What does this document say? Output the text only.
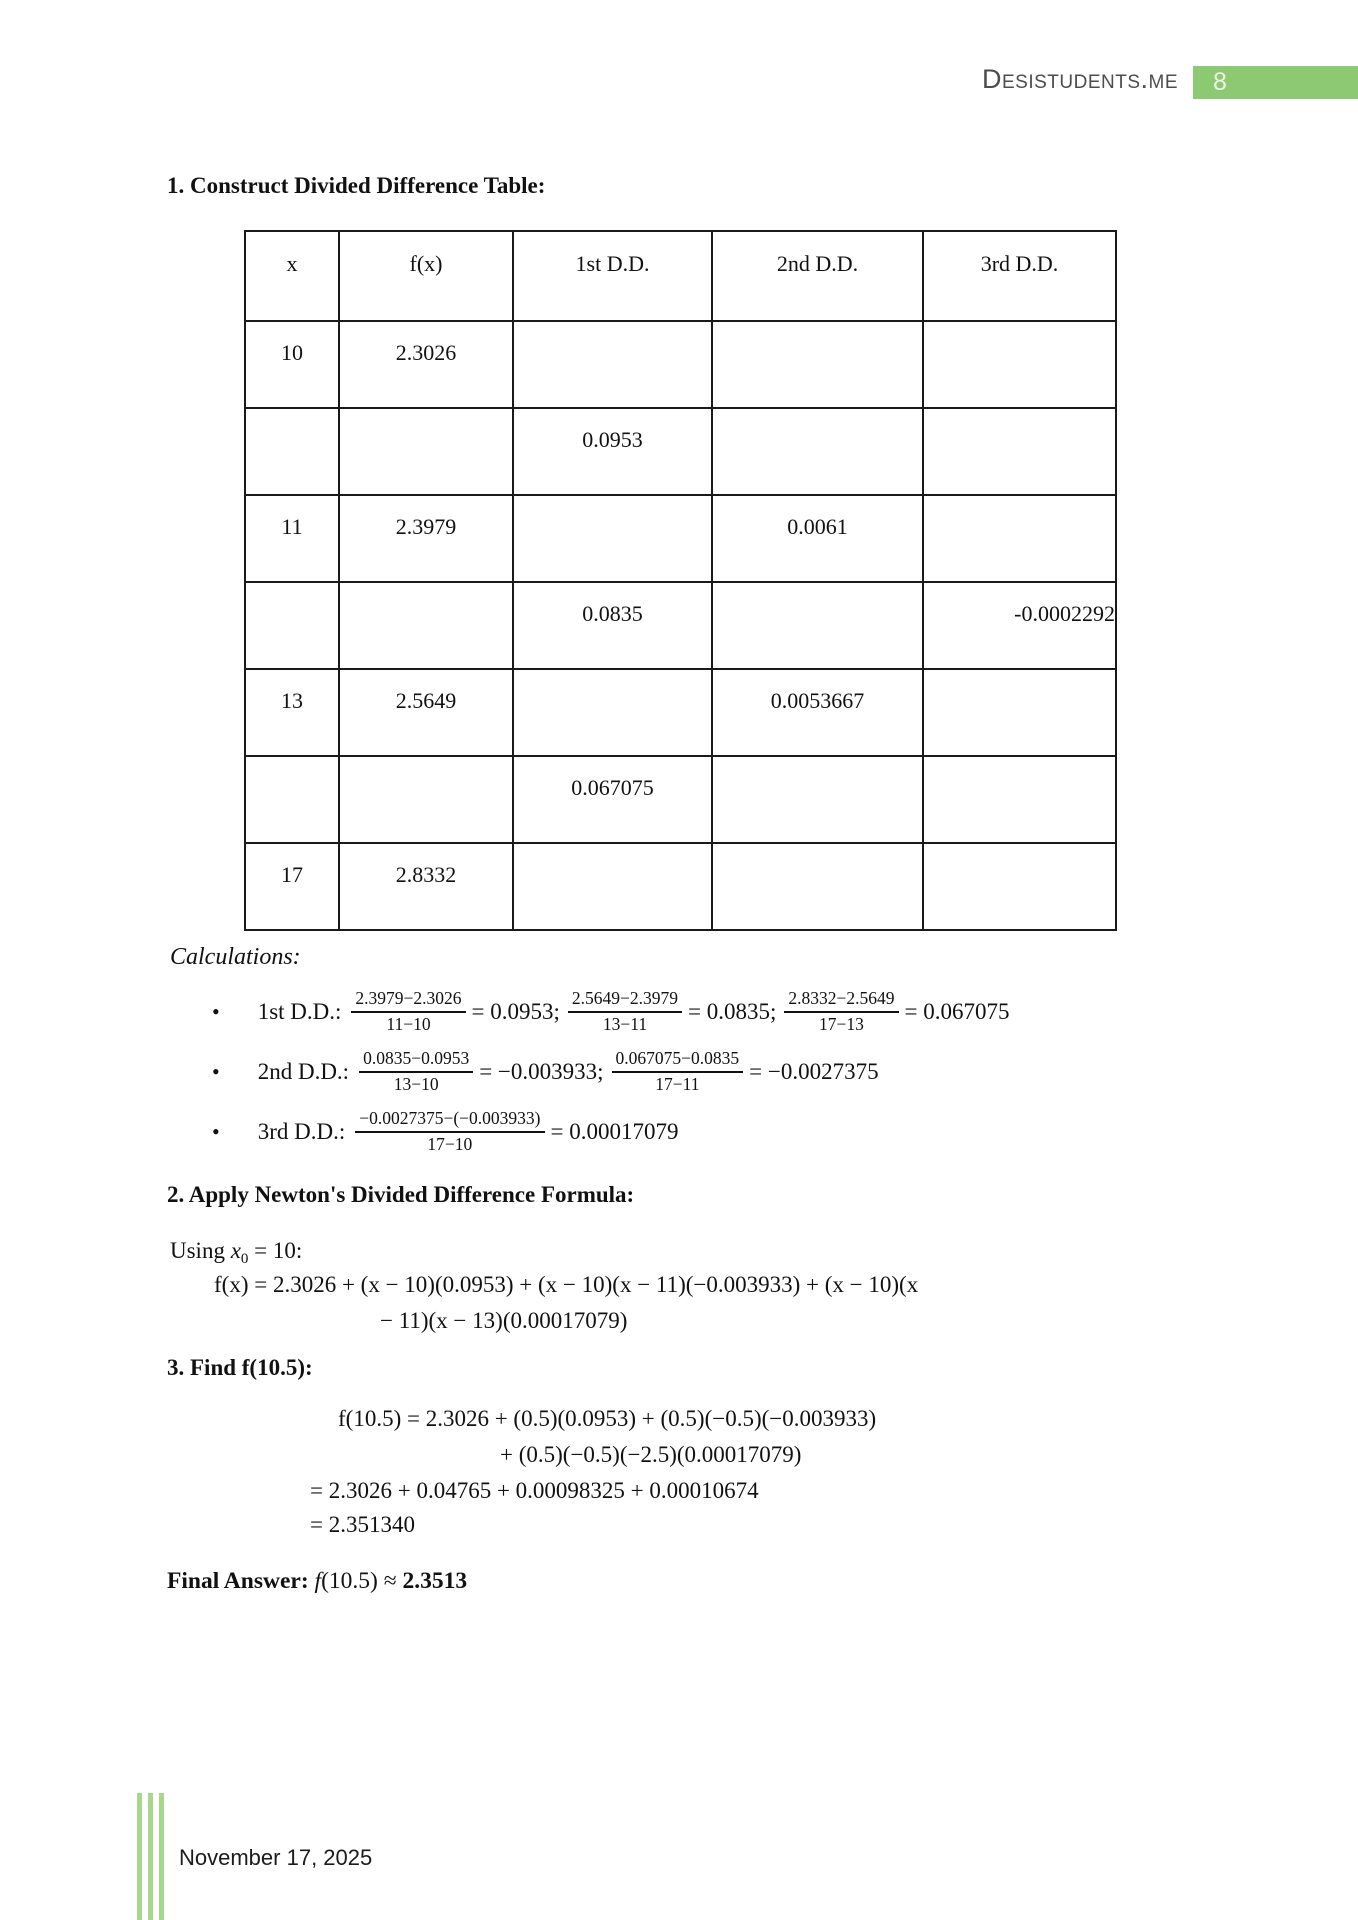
Desistudents.me	8
1. Construct Divided Difference Table:
x	f(x)	1st D.D.	2nd D.D.	3rd D.D.
10	2.3026			
		0.0953		
11	2.3979		0.0061	
		0.0835		-0.0002292
13	2.5649		0.0053667	
		0.067075		
17	2.8332			
Calculations:
• 1st D.D.: $\frac{2.3979-2.3026}{11-10} = 0.0953$; $\frac{2.5649-2.3979}{13-11} = 0.0835$; $\frac{2.8332-2.5649}{17-13} = 0.067075$
• 2nd D.D.: $\frac{0.0835-0.0953}{13-10} = -0.003933$; $\frac{0.067075-0.0835}{17-11} = -0.0027375$
• 3rd D.D.: $\frac{-0.0027375-(-0.003933)}{17-10} = 0.00017079$
2. Apply Newton's Divided Difference Formula:
Using $x_0 = 10$:
f(x) = 2.3026 + (x − 10)(0.0953) + (x − 10)(x − 11)(−0.003933) + (x − 10)(x
− 11)(x − 13)(0.00017079)
3. Find f(10.5):
f(10.5) = 2.3026 + (0.5)(0.0953) + (0.5)(−0.5)(−0.003933)
+ (0.5)(−0.5)(−2.5)(0.00017079)
= 2.3026 + 0.04765 + 0.00098325 + 0.00010674
= 2.351340
Final Answer: f(10.5) ≈ 2.3513
November 17, 2025
